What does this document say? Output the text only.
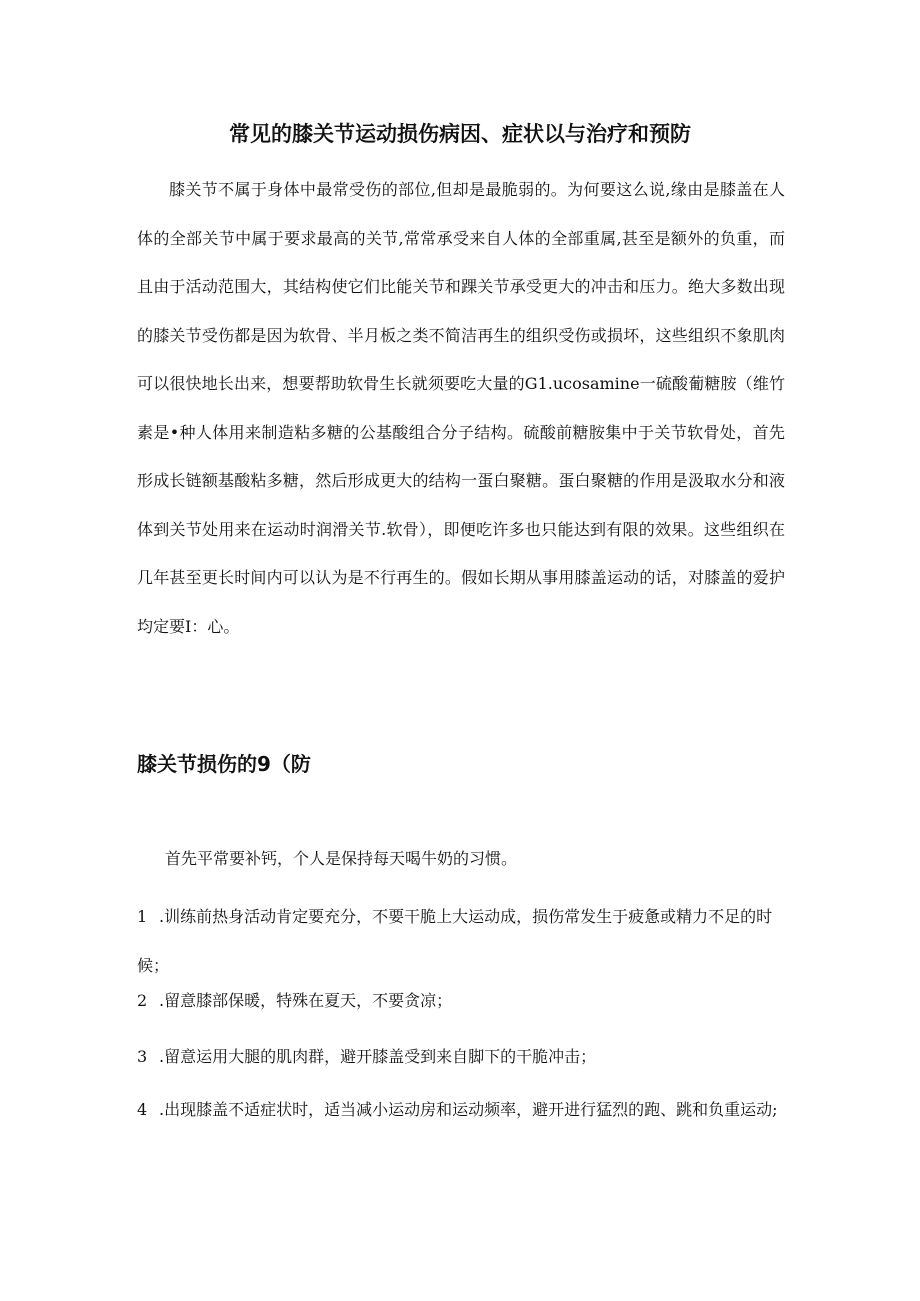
常见的膝关节运动损伤病因、症状以与治疗和预防

膝关节不属于身体中最常受伤的部位,但却是最脆弱的。为何要这么说,缘由是膝盖在人体的全部关节中属于要求最高的关节,常常承受来自人体的全部重属,甚至是额外的负重，而且由于活动范围大，其结构使它们比能关节和踝关节承受更大的冲击和压力。绝大多数出现的膝关节受伤都是因为软骨、半月板之类不简洁再生的组织受伤或损坏，这些组织不象肌肉可以很快地长出来，想要帮助软骨生长就须要吃大量的G1.ucosamine一硫酸葡糖胺（维竹素是•种人体用来制造粘多糖的公基酸组合分子结构。硫酸前糖胺集中于关节软骨处，首先形成长链额基酸粘多糖，然后形成更大的结构一蛋白聚糖。蛋白聚糖的作用是汲取水分和液体到关节处用来在运动时润滑关节.软骨），即便吃许多也只能达到有限的效果。这些组织在几年甚至更长时间内可以认为是不行再生的。假如长期从事用膝盖运动的话，对膝盖的爱护均定要I：心。

膝关节损伤的9（防

首先平常要补钙，个人是保持每天喝牛奶的习惯。

1 .训练前热身活动肯定要充分，不要干脆上大运动成，损伤常发生于疲惫或精力不足的时候；

2 .留意膝部保暖，特殊在夏天，不要贪凉；

3 .留意运用大腿的肌肉群，避开膝盖受到来自脚下的干脆冲击；

4 .出现膝盖不适症状时，适当减小运动房和运动频率，避开进行猛烈的跑、跳和负重运动;
